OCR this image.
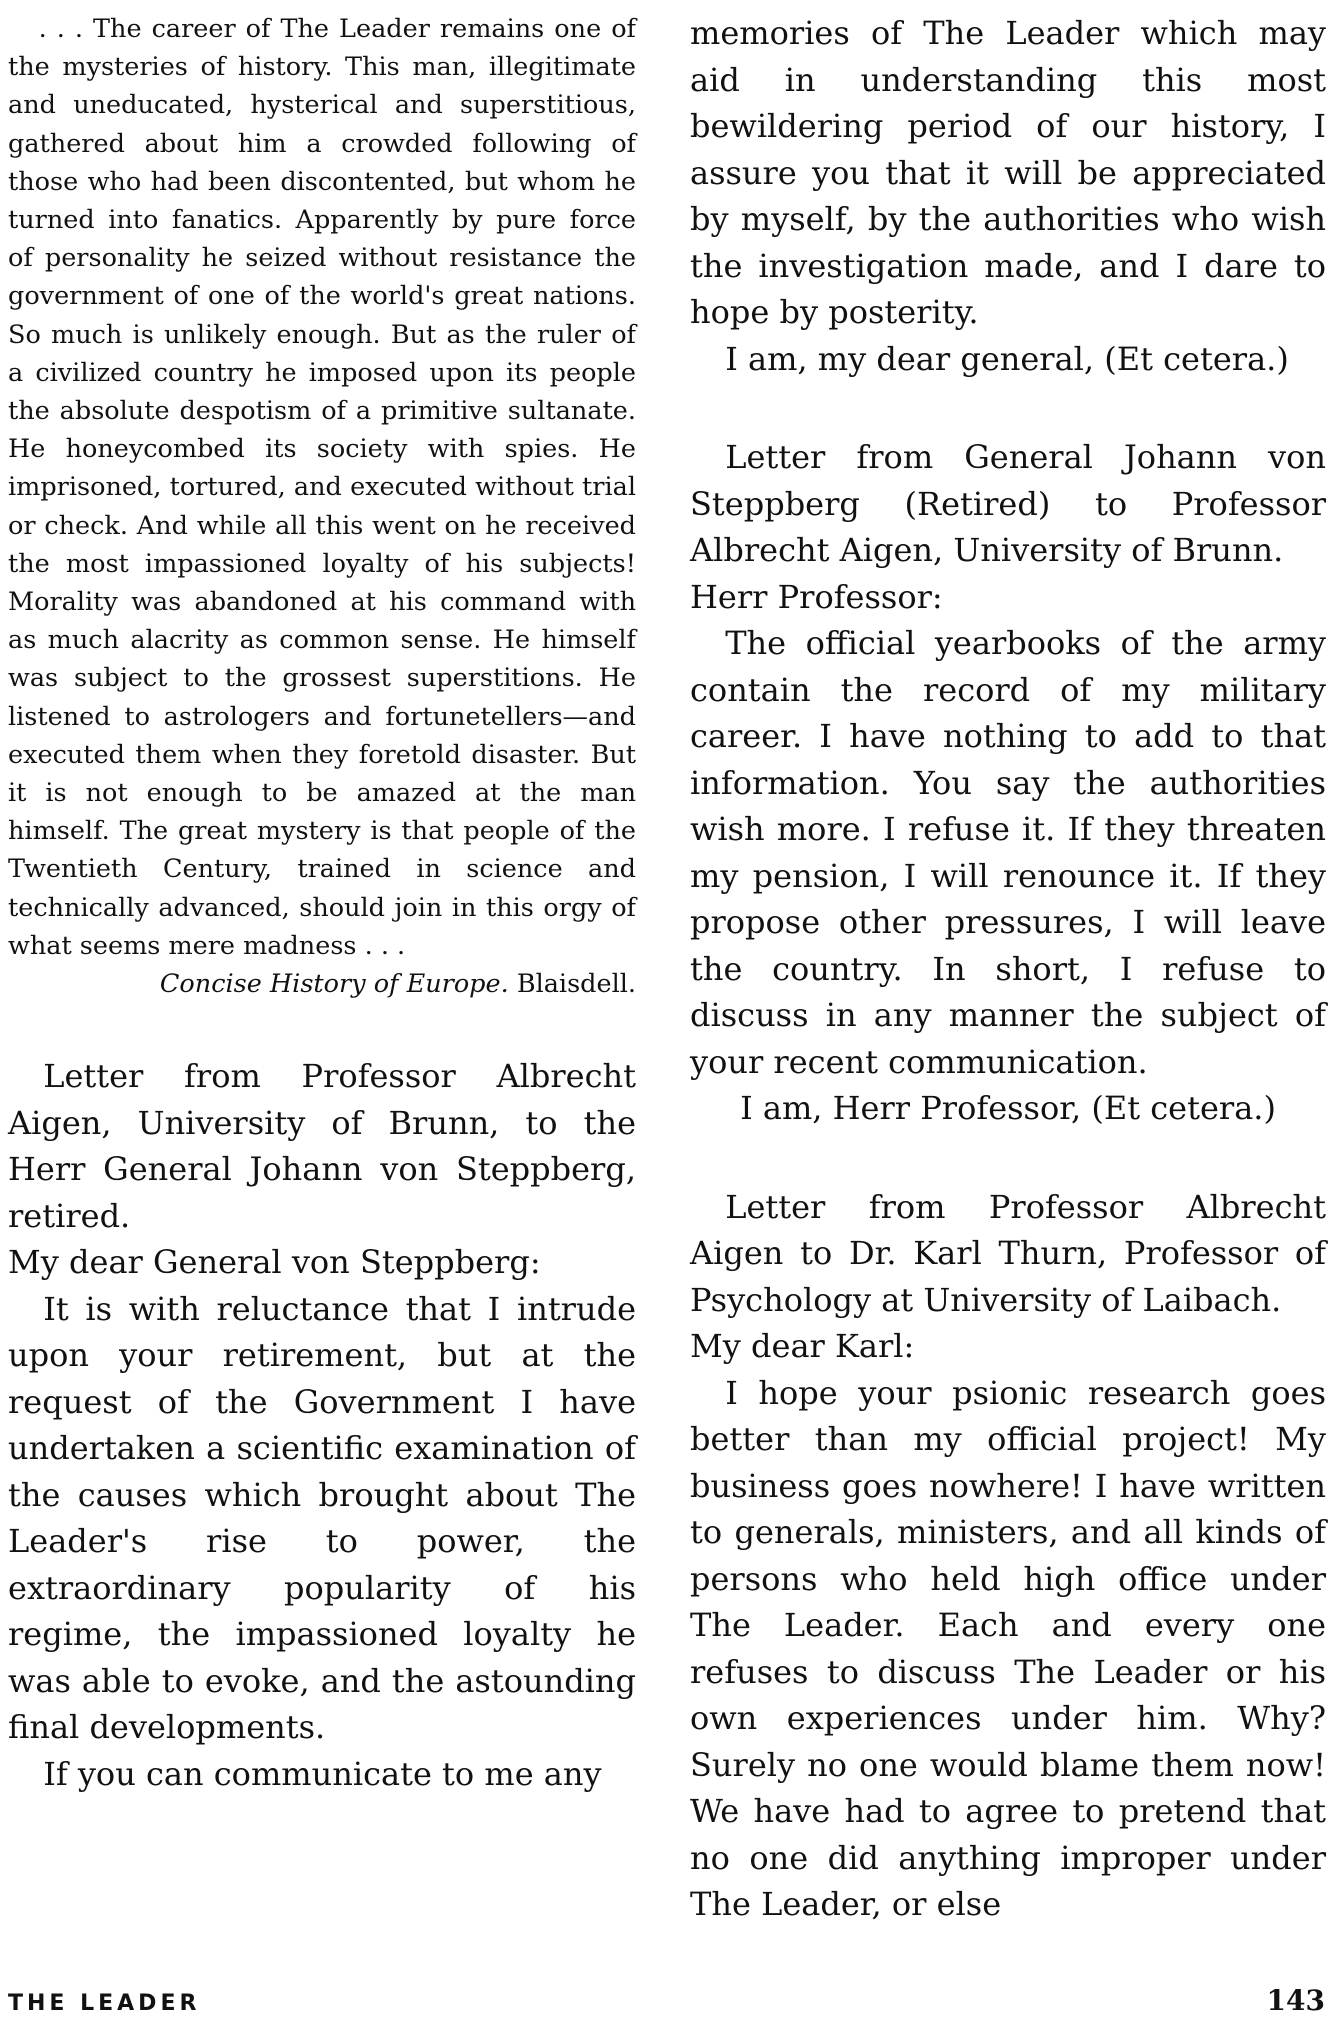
. . . The career of The Leader remains one of the mysteries of history. This man, illegitimate and uneducated, hysterical and superstitious, gathered about him a crowded following of those who had been discontented, but whom he turned into fanatics. Apparently by pure force of personality he seized without resistance the government of one of the world's great nations. So much is unlikely enough. But as the ruler of a civilized country he imposed upon its people the absolute despotism of a primitive sultanate. He honeycombed its society with spies. He imprisoned, tortured, and executed without trial or check. And while all this went on he received the most impassioned loyalty of his subjects! Morality was abandoned at his command with as much alacrity as common sense. He himself was subject to the grossest superstitions. He listened to astrologers and fortunetellers—and executed them when they foretold disaster. But it is not enough to be amazed at the man himself. The great mystery is that people of the Twentieth Century, trained in science and technically advanced, should join in this orgy of what seems mere madness . . .

Concise History of Europe. Blaisdell.

Letter from Professor Albrecht Aigen, University of Brunn, to the Herr General Johann von Steppberg, retired.

My dear General von Steppberg:

It is with reluctance that I intrude upon your retirement, but at the request of the Government I have undertaken a scientific examination of the causes which brought about The Leader's rise to power, the extraordinary popularity of his regime, the impassioned loyalty he was able to evoke, and the astounding final developments.

If you can communicate to me any

memories of The Leader which may aid in understanding this most bewildering period of our history, I assure you that it will be appreciated by myself, by the authorities who wish the investigation made, and I dare to hope by posterity.

I am, my dear general, (Et cetera.)

Letter from General Johann von Steppberg (Retired) to Professor Albrecht Aigen, University of Brunn.

Herr Professor:

The official yearbooks of the army contain the record of my military career. I have nothing to add to that information. You say the authorities wish more. I refuse it. If they threaten my pension, I will renounce it. If they propose other pressures, I will leave the country. In short, I refuse to discuss in any manner the subject of your recent communication.

I am, Herr Professor, (Et cetera.)

Letter from Professor Albrecht Aigen to Dr. Karl Thurn, Professor of Psychology at University of Laibach.

My dear Karl:

I hope your psionic research goes better than my official project! My business goes nowhere! I have written to generals, ministers, and all kinds of persons who held high office under The Leader. Each and every one refuses to discuss The Leader or his own experiences under him. Why? Surely no one would blame them now! We have had to agree to pretend that no one did anything improper under The Leader, or else

THE LEADER	143
